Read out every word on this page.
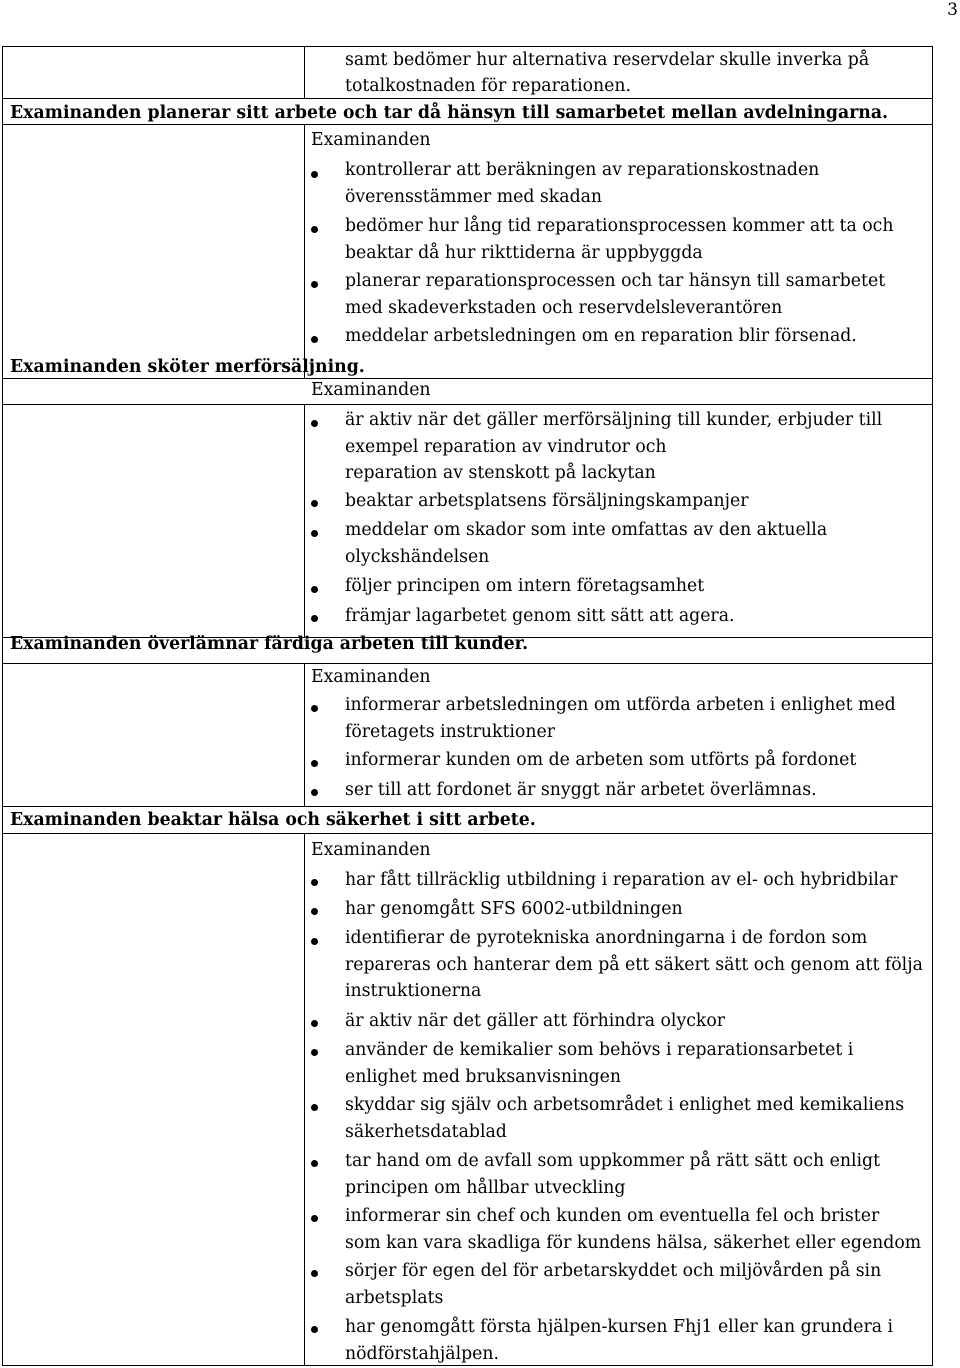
3
samt bedömer hur alternativa reservdelar skulle inverka på
totalkostnaden för reparationen.
Examinanden planerar sitt arbete och tar då hänsyn till samarbetet mellan avdelningarna.
Examinanden
kontrollerar att beräkningen av reparationskostnaden
överensstämmer med skadan
bedömer hur lång tid reparationsprocessen kommer att ta och
beaktar då hur rikttiderna är uppbyggda
planerar reparationsprocessen och tar hänsyn till samarbetet
med skadeverkstaden och reservdelsleverantören
meddelar arbetsledningen om en reparation blir försenad.
Examinanden sköter merförsäljning.
Examinanden
är aktiv när det gäller merförsäljning till kunder, erbjuder till
exempel reparation av vindrutor och
reparation av stenskott på lackytan
beaktar arbetsplatsens försäljningskampanjer
meddelar om skador som inte omfattas av den aktuella
olyckshändelsen
följer principen om intern företagsamhet
främjar lagarbetet genom sitt sätt att agera.
Examinanden överlämnar färdiga arbeten till kunder.
Examinanden
informerar arbetsledningen om utförda arbeten i enlighet med
företagets instruktioner
informerar kunden om de arbeten som utförts på fordonet
ser till att fordonet är snyggt när arbetet överlämnas.
Examinanden beaktar hälsa och säkerhet i sitt arbete.
Examinanden
har fått tillräcklig utbildning i reparation av el- och hybridbilar
har genomgått SFS 6002-utbildningen
identifierar de pyrotekniska anordningarna i de fordon som
repareras och hanterar dem på ett säkert sätt och genom att följa
instruktionerna
är aktiv när det gäller att förhindra olyckor
använder de kemikalier som behövs i reparationsarbetet i
enlighet med bruksanvisningen
skyddar sig själv och arbetsområdet i enlighet med kemikaliens
säkerhetsdatablad
tar hand om de avfall som uppkommer på rätt sätt och enligt
principen om hållbar utveckling
informerar sin chef och kunden om eventuella fel och brister
som kan vara skadliga för kundens hälsa, säkerhet eller egendom
sörjer för egen del för arbetarskyddet och miljövården på sin
arbetsplats
har genomgått första hjälpen-kursen Fhj1 eller kan grundera i
nödförstahjälpen.
